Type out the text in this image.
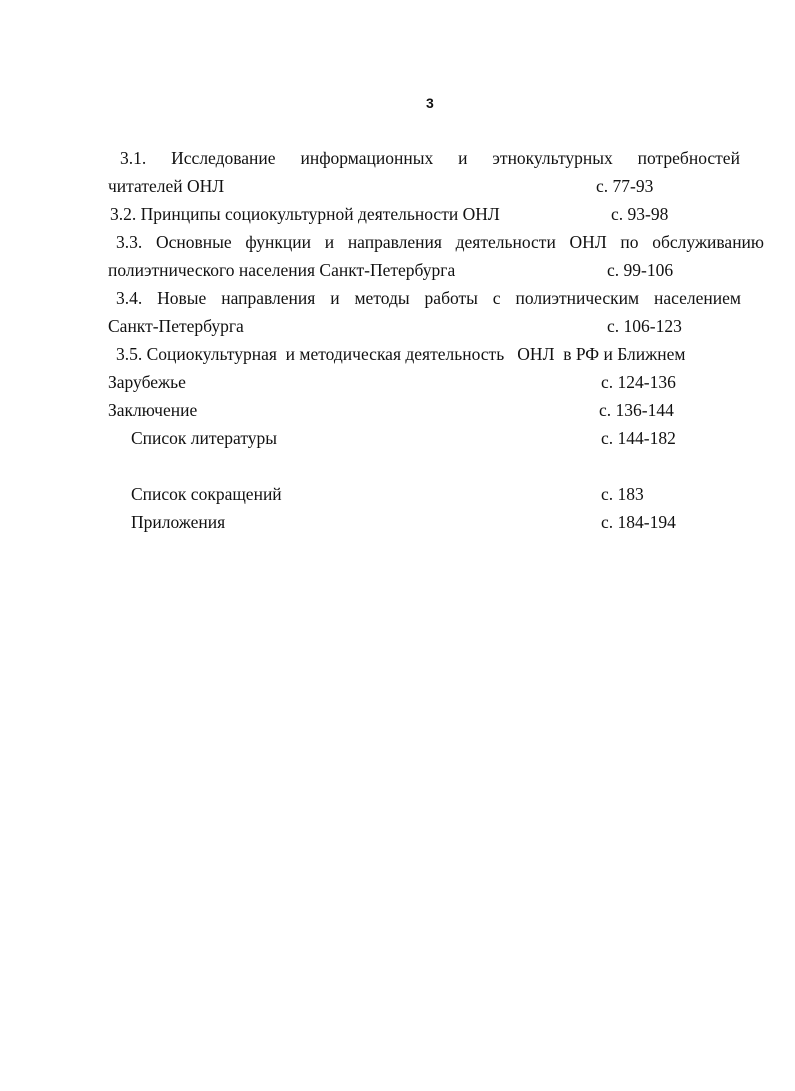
3
3.1. Исследование информационных и этнокультурных потребностей
читателей ОНЛ	с. 77-93
3.2. Принципы социокультурной деятельности ОНЛ	с. 93-98
3.3. Основные функции и направления деятельности ОНЛ по обслуживанию
полиэтнического населения Санкт-Петербурга	с. 99-106
3.4. Новые направления и методы работы с полиэтническим населением
Санкт-Петербурга	с. 106-123
3.5. Социокультурная  и методическая деятельность   ОНЛ  в РФ и Ближнем
Зарубежье	с. 124-136
Заключение	с. 136-144
Список литературы	с. 144-182
Список сокращений	с. 183
Приложения	с. 184-194
